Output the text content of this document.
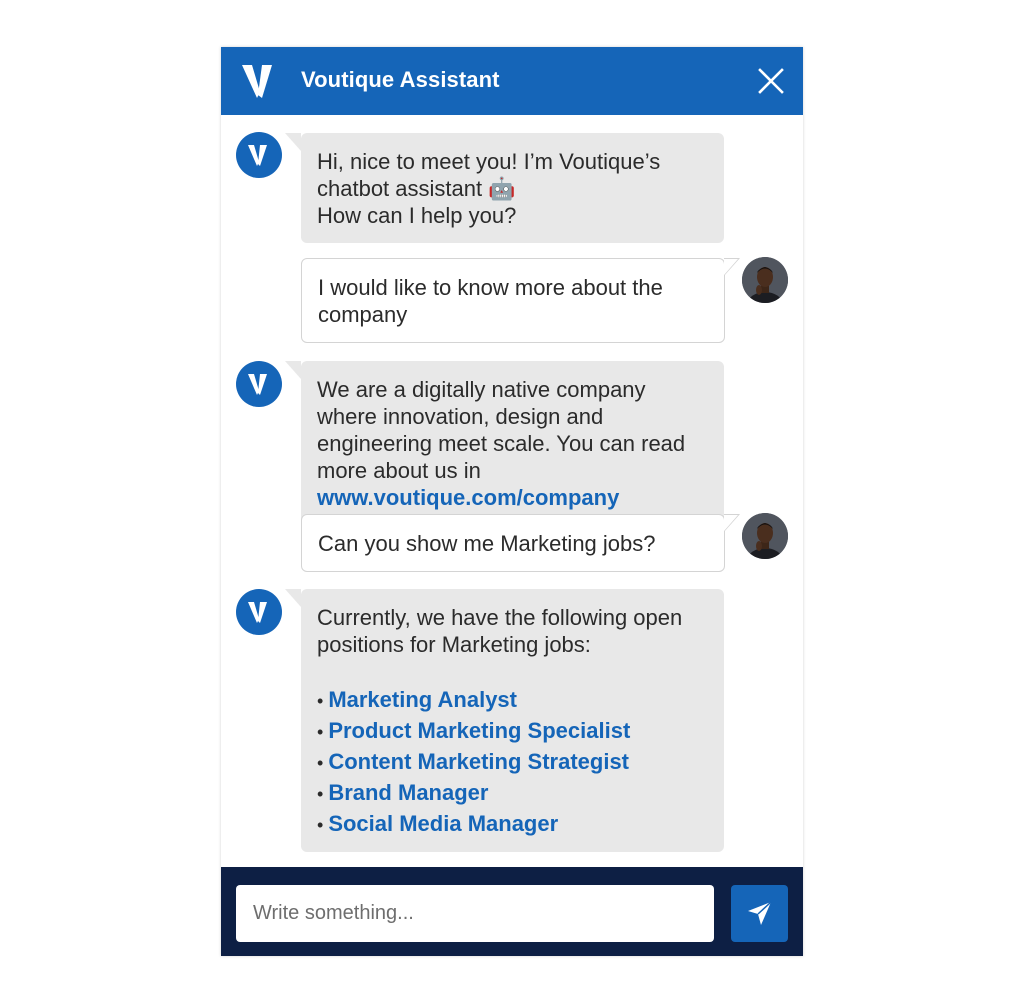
Voutique Assistant
Hi, nice to meet you! I’m Voutique’s
chatbot assistant 🤖
How can I help you?
I would like to know more about the company
We are a digitally native company where innovation, design and engineering meet scale. You can read more about us in www.voutique.com/company
Can you show me Marketing jobs?
Currently, we have the following open positions for Marketing jobs:
• Marketing Analyst
• Product Marketing Specialist
• Content Marketing Strategist
• Brand Manager
• Social Media Manager
Write something...
